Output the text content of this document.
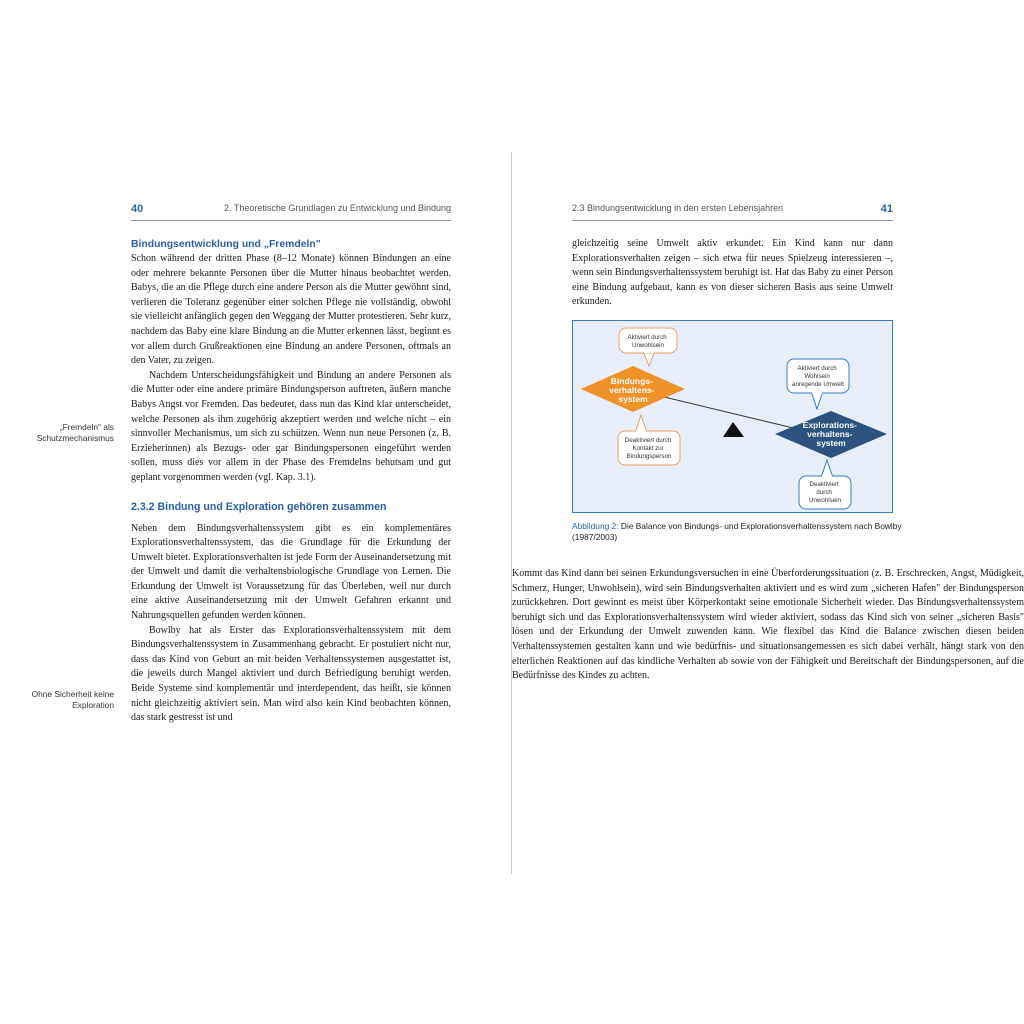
40	2. Theoretische Grundlagen zu Entwicklung und Bindung
„Fremdeln" als Schutzmechanismus
Ohne Sicherheit keine Exploration
Bindungsentwicklung und „Fremdeln"

Schon während der dritten Phase (8–12 Monate) können Bindungen an eine oder mehrere bekannte Personen über die Mutter hinaus beobachtet werden. Babys, die an die Pflege durch eine andere Person als die Mutter gewöhnt sind, verlieren die Toleranz gegenüber einer solchen Pflege nie vollständig, obwohl sie vielleicht anfänglich gegen den Weggang der Mutter protestieren. Sehr kurz, nachdem das Baby eine klare Bindung an die Mutter erkennen lässt, beginnt es vor allem durch Grußreaktionen eine Bindung an andere Personen, oftmals an den Vater, zu zeigen.

Nachdem Unterscheidungsfähigkeit und Bindung an andere Personen als die Mutter oder eine andere primäre Bindungsperson auftreten, äußern manche Babys Angst vor Fremden. Das bedeutet, dass nun das Kind klar unterscheidet, welche Personen als ihm zugehörig akzeptiert werden und welche nicht – ein sinnvoller Mechanismus, um sich zu schützen. Wenn nun neue Personen (z. B. Erzieherinnen) als Bezugs- oder gar Bindungspersonen eingeführt werden sollen, muss dies vor allem in der Phase des Fremdelns behutsam und gut geplant vorgenommen werden (vgl. Kap. 3.1).

2.3.2 Bindung und Exploration gehören zusammen

Neben dem Bindungsverhaltenssystem gibt es ein komplementäres Explorationsverhaltenssystem, das die Grundlage für die Erkundung der Umwelt bietet. Explorationsverhalten ist jede Form der Auseinandersetzung mit der Umwelt und damit die verhaltensbiologische Grundlage von Lernen. Die Erkundung der Umwelt ist Voraussetzung für das Überleben, weil nur durch eine aktive Auseinandersetzung mit der Umwelt Gefahren erkannt und Nahrungsquellen gefunden werden können.

Bowlby hat als Erster das Explorationsverhaltenssystem mit dem Bindungsverhaltenssystem in Zusammenhang gebracht. Er postuliert nicht nur, dass das Kind von Geburt an mit beiden Verhaltenssystemen ausgestattet ist, die jeweils durch Mangel aktiviert und durch Befriedigung beruhigt werden. Beide Systeme sind komplementär und interdependent, das heißt, sie können nicht gleichzeitig aktiviert sein. Man wird also kein Kind beobachten können, das stark gestresst ist und

2.3 Bindungsentwicklung in den ersten Lebensjahren	41

gleichzeitig seine Umwelt aktiv erkundet. Ein Kind kann nur dann Explorationsverhalten zeigen – sich etwa für neues Spielzeug interessieren –, wenn sein Bindungsverhaltenssystem beruhigt ist. Hat das Baby zu einer Person eine Bindung aufgebaut, kann es von dieser sicheren Basis aus seine Umwelt erkunden.

Bindungs- verhaltens- system
Explorations- verhaltens- system
Aktiviert durch Unwohlsein
Deaktiviert durch Kontakt zur Bindungsperson
Aktiviert durch Wohlsein anregende Umwelt
Deaktiviert durch Unwohlsein
Abbildung 2: Die Balance von Bindungs- und Explorationsverhaltenssystem nach Bowlby (1987/2003)

Kommt das Kind dann bei seinen Erkundungsversuchen in eine Überforderungssituation (z. B. Erschrecken, Angst, Müdigkeit, Schmerz, Hunger, Unwohlsein), wird sein Bindungsverhalten aktiviert und es wird zum „sicheren Hafen" der Bindungsperson zurückkehren. Dort gewinnt es meist über Körperkontakt seine emotionale Sicherheit wieder. Das Bindungsverhaltenssystem beruhigt sich und das Explorationsverhaltenssystem wird wieder aktiviert, sodass das Kind sich von seiner „sicheren Basis" lösen und der Erkundung der Umwelt zuwenden kann. Wie flexibel das Kind die Balance zwischen diesen beiden Verhaltenssystemen gestalten kann und wie bedürfnis- und situationsangemessen es sich dabei verhält, hängt stark von den elterlichen Reaktionen auf das kindliche Verhalten ab sowie von der Fähigkeit und Bereitschaft der Bindungspersonen, auf die Bedürfnisse des Kindes zu achten.
